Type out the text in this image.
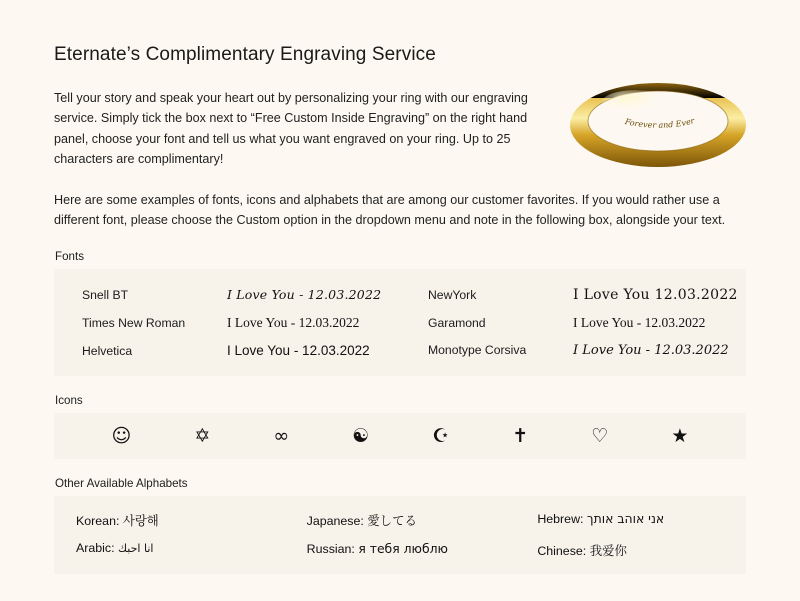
Eternate’s Complimentary Engraving Service

Tell your story and speak your heart out by personalizing your ring with our engraving service. Simply tick the box next to “Free Custom Inside Engraving” on the right hand panel, choose your font and tell us what you want engraved on your ring. Up to 25 characters are complimentary!

Here are some examples of fonts, icons and alphabets that are among our customer favorites. If you would rather use a different font, please choose the Custom option in the dropdown menu and note in the following box, alongside your text.

Forever and Ever
Fonts
Snell BT	I Love You - 12.03.2022	NewYork	I Love You 12.03.2022
Times New Roman	I Love You - 12.03.2022	Garamond	I Love You - 12.03.2022
Helvetica	I Love You - 12.03.2022	Monotype Corsiva	I Love You - 12.03.2022
Icons
☺	✡	∞	☯	☪	✝	♡	★
Other Available Alphabets
Korean: 사랑해	Japanese: 愛してる	Hebrew: אני אוהב אותך
Arabic: انا احبك	Russian: я тебя люблю	Chinese: 我爱你
